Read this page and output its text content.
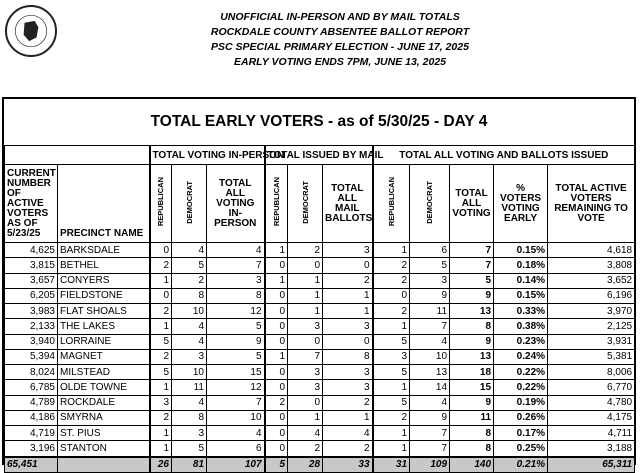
UNOFFICIAL IN-PERSON AND BY MAIL TOTALS
ROCKDALE COUNTY ABSENTEE BALLOT REPORT
PSC SPECIAL PRIMARY ELECTION - JUNE 17, 2025
EARLY VOTING ENDS 7PM, JUNE 13, 2025
TOTAL EARLY VOTERS - as of 5/30/25 - DAY 4
		TOTAL VOTING IN-PERSON			TOTAL ISSUED BY MAIL			TOTAL ALL VOTING AND BALLOTS ISSUED				
CURRENT NUMBER OF ACTIVE VOTERS AS OF 5/23/25	PRECINCT NAME	REPUBLICAN	DEMOCRAT	TOTAL ALL VOTING IN-PERSON	REPUBLICAN	DEMOCRAT	TOTAL ALL MAIL BALLOTS	REPUBLICAN	DEMOCRAT	TOTAL ALL VOTING	% VOTERS VOTING EARLY	TOTAL ACTIVE VOTERS REMAINING TO VOTE
4,625	BARKSDALE	0	4	4	1	2	3	1	6	7	0.15%	4,618
3,815	BETHEL	2	5	7	0	0	0	2	5	7	0.18%	3,808
3,657	CONYERS	1	2	3	1	1	2	2	3	5	0.14%	3,652
6,205	FIELDSTONE	0	8	8	0	1	1	0	9	9	0.15%	6,196
3,983	FLAT SHOALS	2	10	12	0	1	1	2	11	13	0.33%	3,970
2,133	THE LAKES	1	4	5	0	3	3	1	7	8	0.38%	2,125
3,940	LORRAINE	5	4	9	0	0	0	5	4	9	0.23%	3,931
5,394	MAGNET	2	3	5	1	7	8	3	10	13	0.24%	5,381
8,024	MILSTEAD	5	10	15	0	3	3	5	13	18	0.22%	8,006
6,785	OLDE TOWNE	1	11	12	0	3	3	1	14	15	0.22%	6,770
4,789	ROCKDALE	3	4	7	2	0	2	5	4	9	0.19%	4,780
4,186	SMYRNA	2	8	10	0	1	1	2	9	11	0.26%	4,175
4,719	ST. PIUS	1	3	4	0	4	4	1	7	8	0.17%	4,711
3,196	STANTON	1	5	6	0	2	2	1	7	8	0.25%	3,188
65,451		26	81	107	5	28	33	31	109	140	0.21%	65,311
